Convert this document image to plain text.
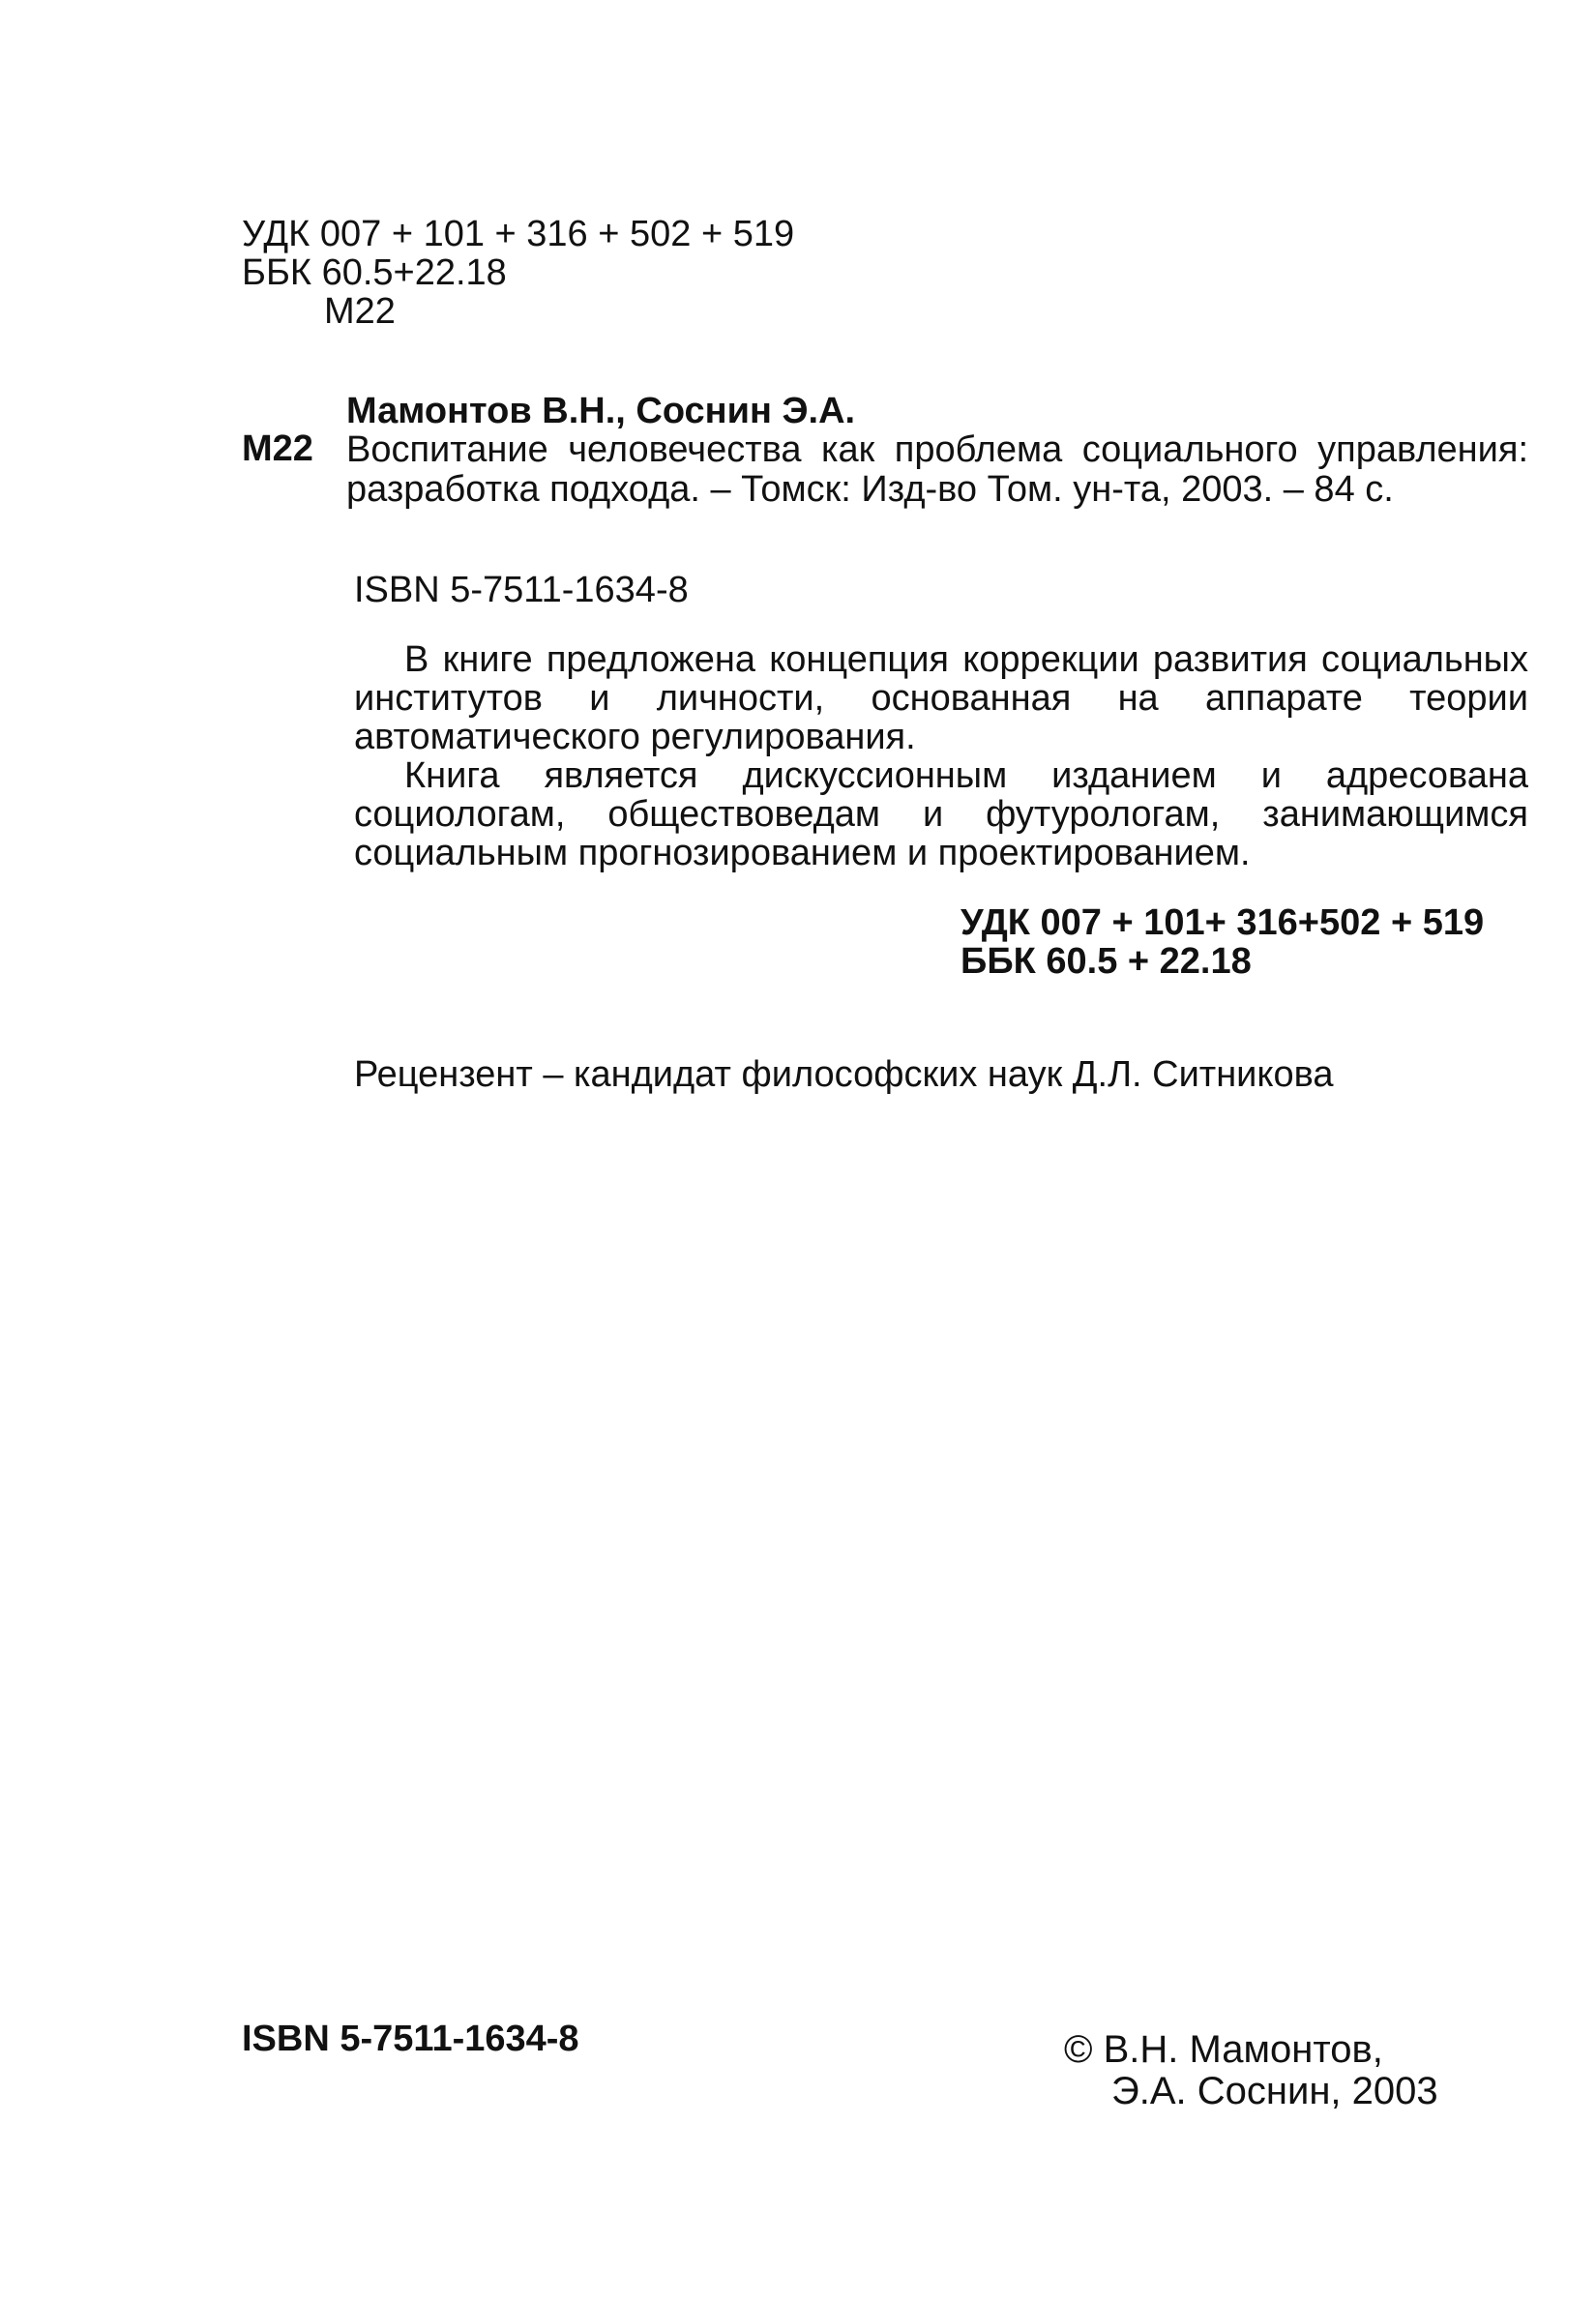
УДК 007 + 101 + 316 + 502 + 519
ББК 60.5+22.18
М22
М22
Мамонтов В.Н., Соснин Э.А.
Воспитание человечества как проблема социального управления: разработка подхода. – Томск: Изд-во Том. ун-та, 2003. – 84 с.
ISBN 5-7511-1634-8

В книге предложена концепция коррекции развития социальных институтов и личности, основанная на аппарате теории автоматического регулирования.

Книга является дискуссионным изданием и адресована социологам, обществоведам и футурологам, занимающимся социальным прогнозированием и проектированием.

УДК 007 + 101+ 316+502 + 519
ББК 60.5 + 22.18
Рецензент – кандидат философских наук Д.Л. Ситникова
ISBN 5-7511-1634-8	© В.Н. Мамонтов,
Э.А. Соснин, 2003
